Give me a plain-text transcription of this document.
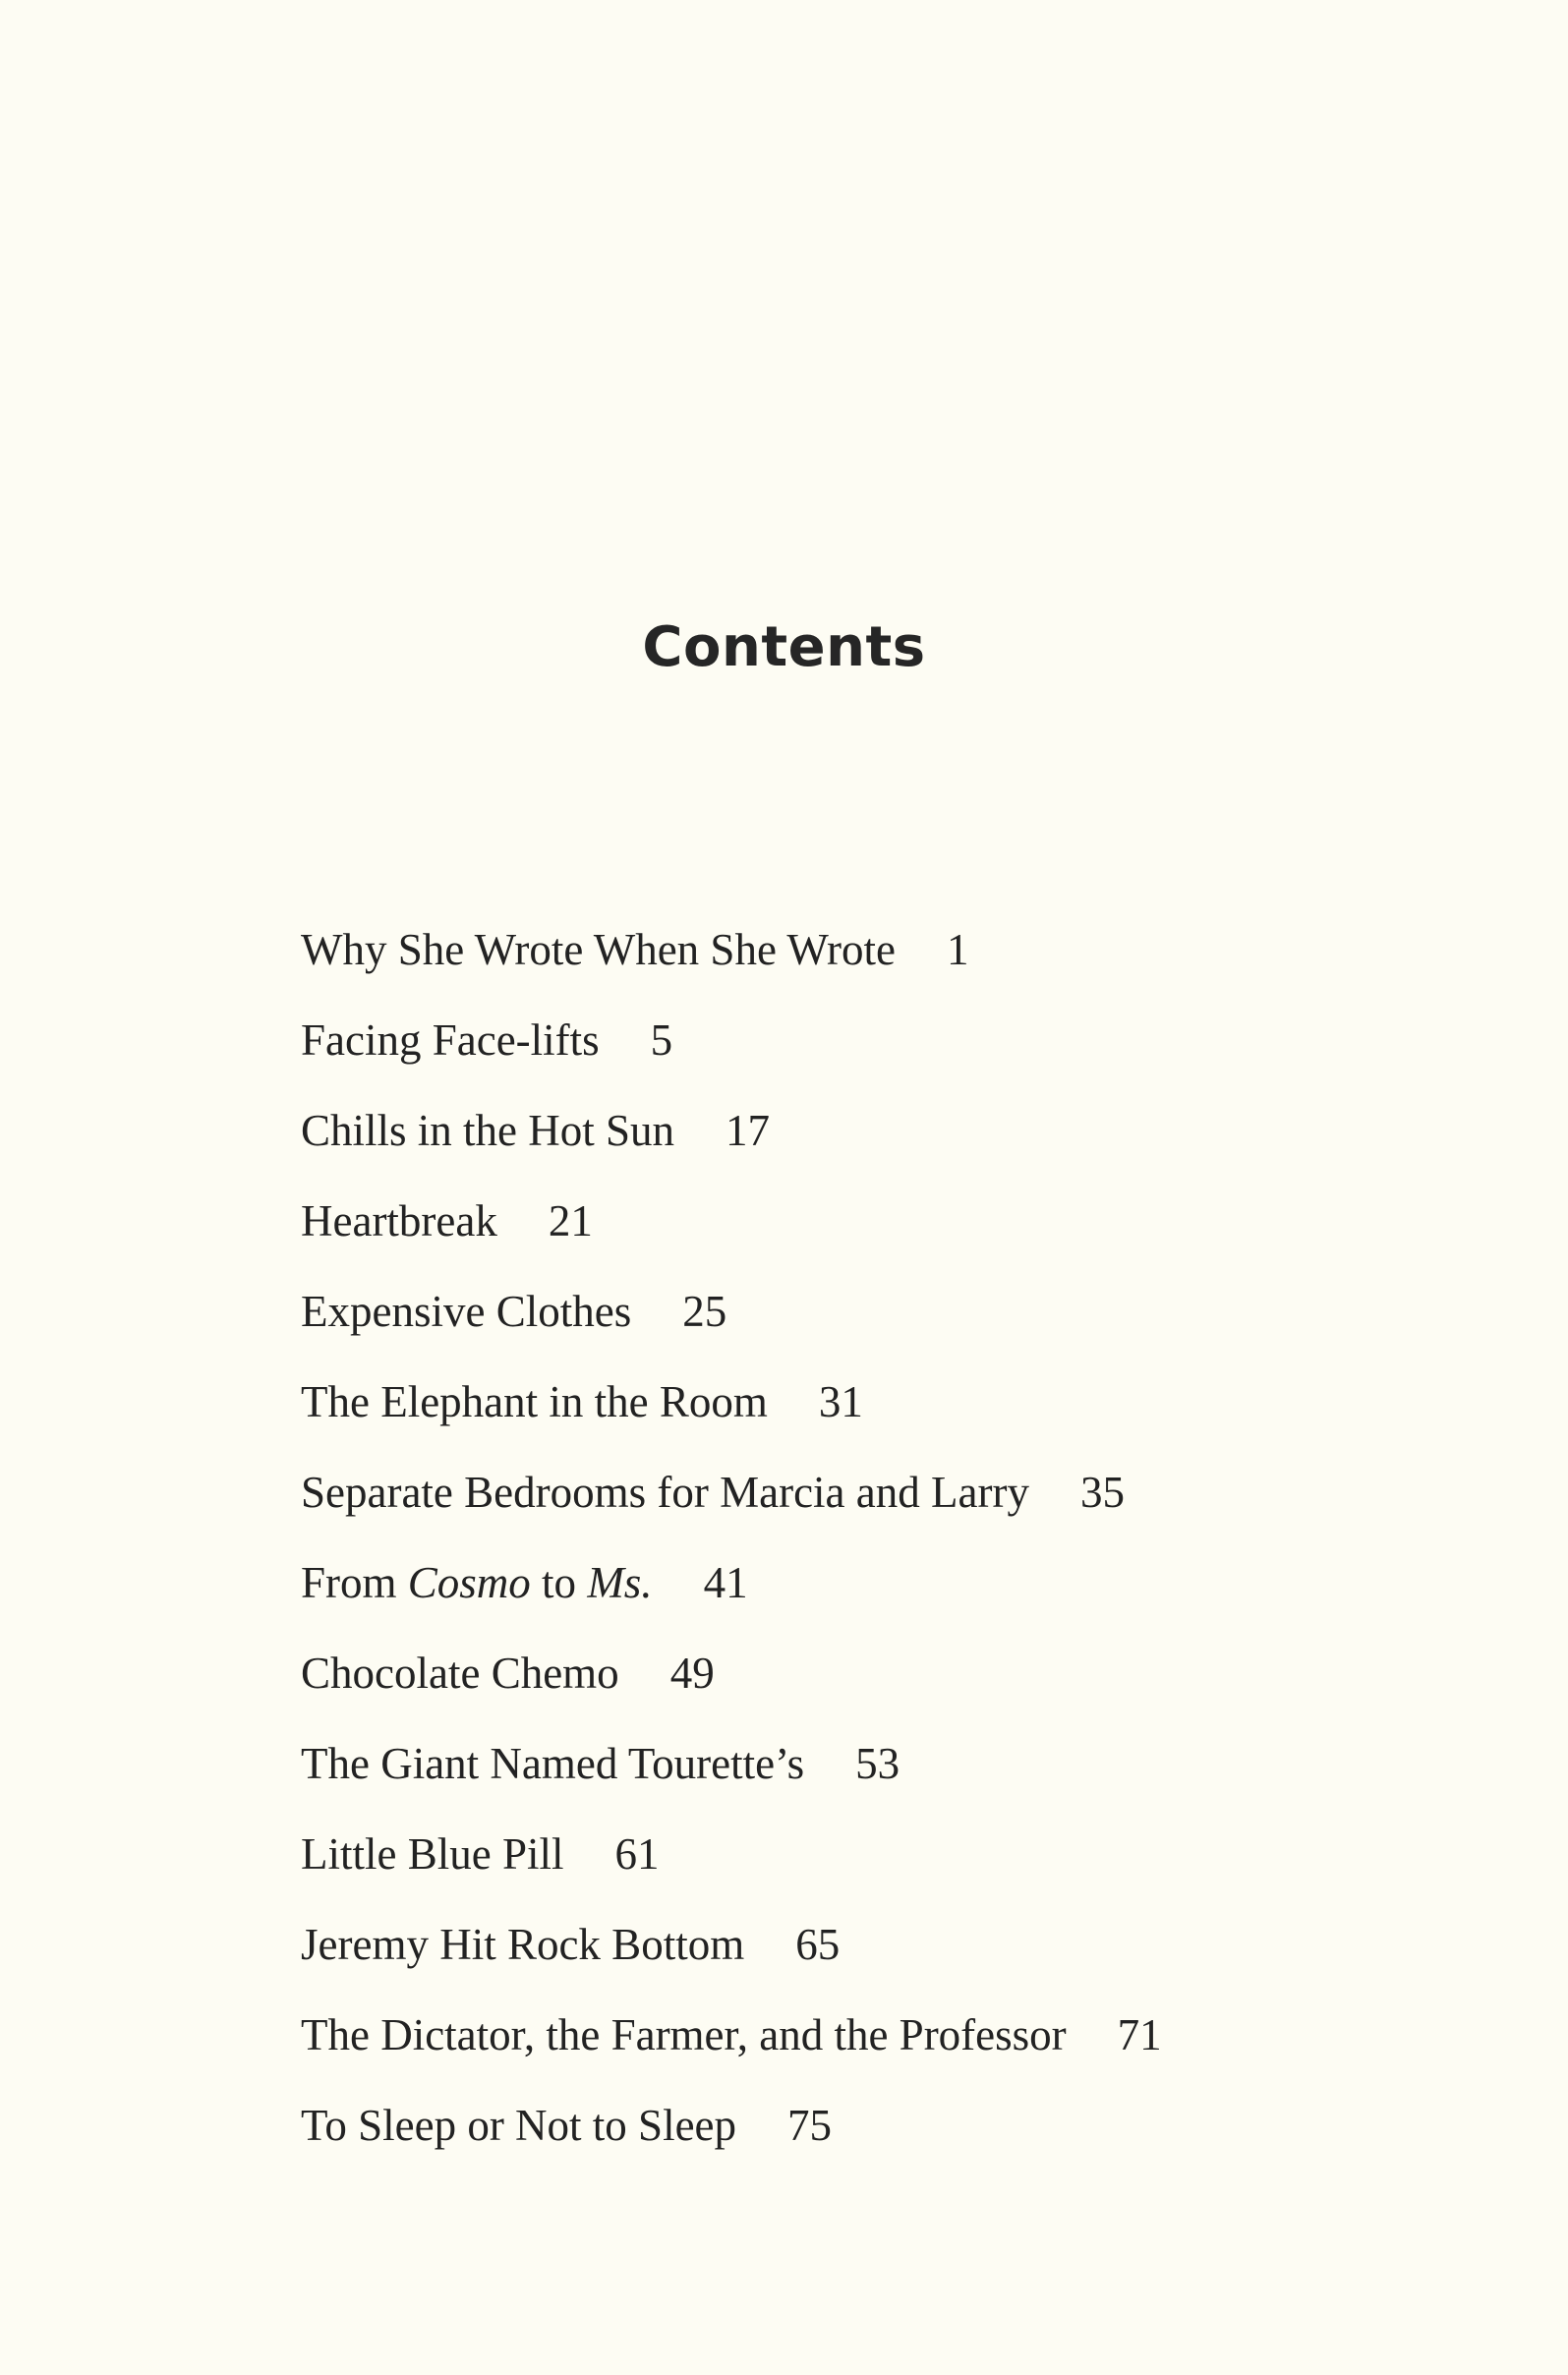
Contents
Why She Wrote When She Wrote 1
Facing Face-lifts 5
Chills in the Hot Sun 17
Heartbreak 21
Expensive Clothes 25
The Elephant in the Room 31
Separate Bedrooms for Marcia and Larry 35
From Cosmo to Ms. 41
Chocolate Chemo 49
The Giant Named Tourette’s 53
Little Blue Pill 61
Jeremy Hit Rock Bottom 65
The Dictator, the Farmer, and the Professor 71
To Sleep or Not to Sleep 75
